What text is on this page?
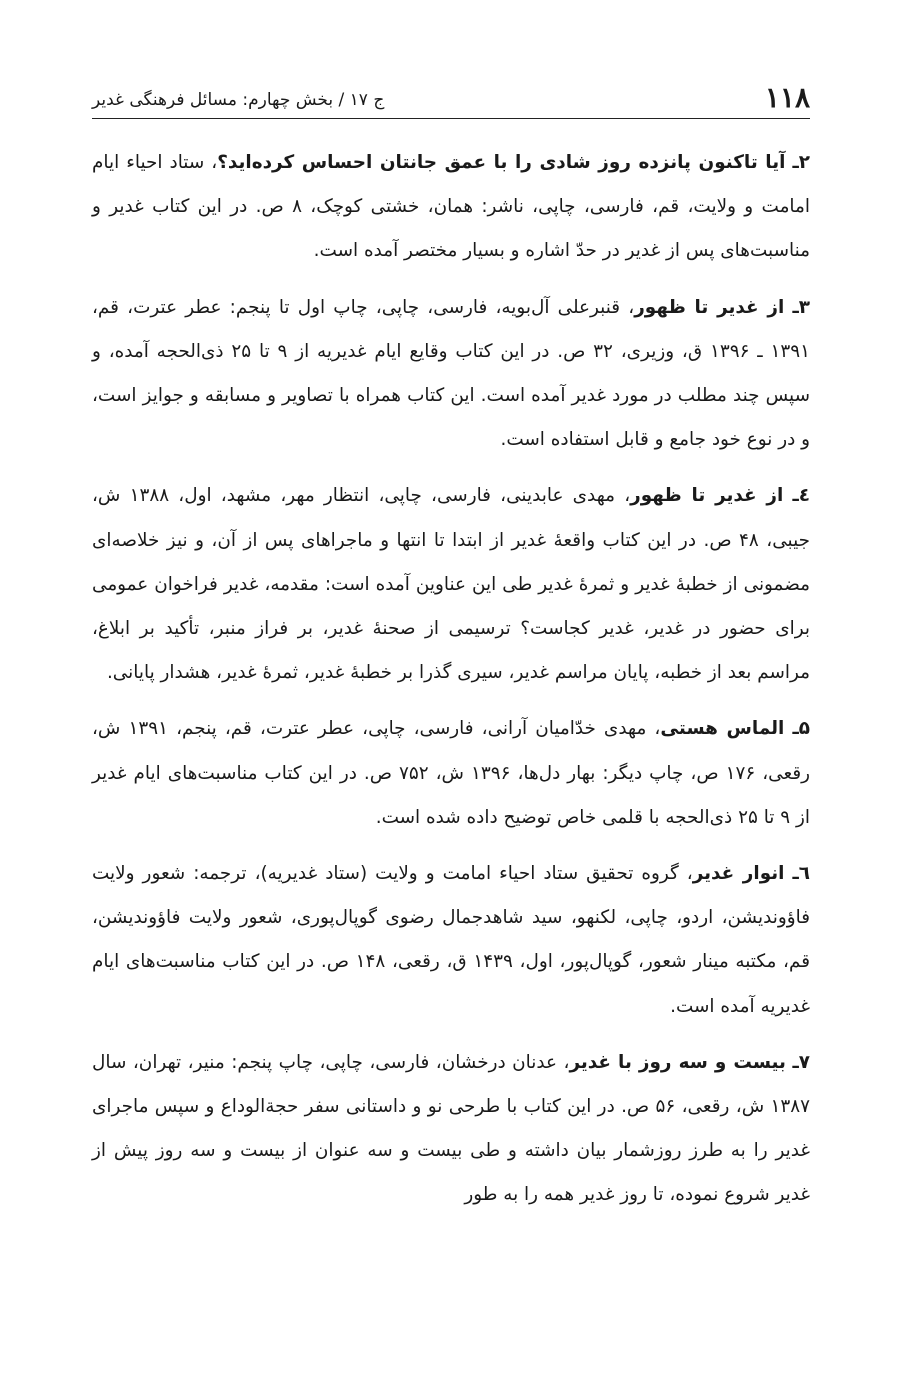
۱۱۸
ج ۱۷ / بخش چهارم: مسائل فرهنگی غدیر

۲ـ آیا تاکنون پانزده روز شادی را با عمق جانتان احساس کرده‌اید؟، ستاد احیاء ایام امامت و ولایت، قم، فارسی، چاپی، ناشر: همان، خشتی کوچک، ۸ ص. در این کتاب غدیر و مناسبت‌های پس از غدیر در حدّ اشاره و بسیار مختصر آمده است.

۳ـ از غدیر تا ظهور، قنبرعلی آل‌بویه، فارسی، چاپی، چاپ اول تا پنجم: عطر عترت، قم، ۱۳۹۱ ـ ۱۳۹۶ ق، وزیری، ۳۲ ص. در این کتاب وقایع ایام غدیریه از ۹ تا ۲۵ ذی‌الحجه آمده، و سپس چند مطلب در مورد غدیر آمده است. این کتاب همراه با تصاویر و مسابقه و جوایز است، و در نوع خود جامع و قابل استفاده است.

٤ـ از غدیر تا ظهور، مهدی عابدینی، فارسی، چاپی، انتظار مهر، مشهد، اول، ۱۳۸۸ ش، جیبی، ۴۸ ص. در این کتاب واقعۀ غدیر از ابتدا تا انتها و ماجراهای پس از آن، و نیز خلاصه‌ای مضمونی از خطبۀ غدیر و ثمرۀ غدیر طی این عناوین آمده است: مقدمه، غدیر فراخوان عمومی برای حضور در غدیر، غدیر کجاست؟ ترسیمی از صحنۀ غدیر، بر فراز منبر، تأکید بر ابلاغ، مراسم بعد از خطبه، پایان مراسم غدیر، سیری گذرا بر خطبۀ غدیر، ثمرۀ غدیر، هشدار پایانی.

۵ـ الماس هستی، مهدی خدّامیان آرانی، فارسی، چاپی، عطر عترت، قم، پنجم، ۱۳۹۱ ش، رقعی، ۱۷۶ ص، چاپ دیگر: بهار دل‌ها، ۱۳۹۶ ش، ۷۵۲ ص. در این کتاب مناسبت‌های ایام غدیر از ۹ تا ۲۵ ذی‌الحجه با قلمی خاص توضیح داده شده است.

٦ـ انوار غدیر، گروه تحقیق ستاد احیاء امامت و ولایت (ستاد غدیریه)، ترجمه: شعور ولایت فاؤوندیشن، اردو، چاپی، لکنهو، سید شاهدجمال رضوی گوپال‌پوری، شعور ولایت فاؤوندیشن، قم، مکتبه مینار شعور، گوپال‌پور، اول، ۱۴۳۹ ق، رقعی، ۱۴۸ ص. در این کتاب مناسبت‌های ایام غدیریه آمده است.

۷ـ بیست و سه روز با غدیر، عدنان درخشان، فارسی، چاپی، چاپ پنجم: منیر، تهران، سال ۱۳۸۷ ش، رقعی، ۵۶ ص. در این کتاب با طرحی نو و داستانی سفر حجة‌الوداع و سپس ماجرای غدیر را به طرز روزشمار بیان داشته و طی بیست و سه عنوان از بیست و سه روز پیش از غدیر شروع نموده، تا روز غدیر همه را به طور
